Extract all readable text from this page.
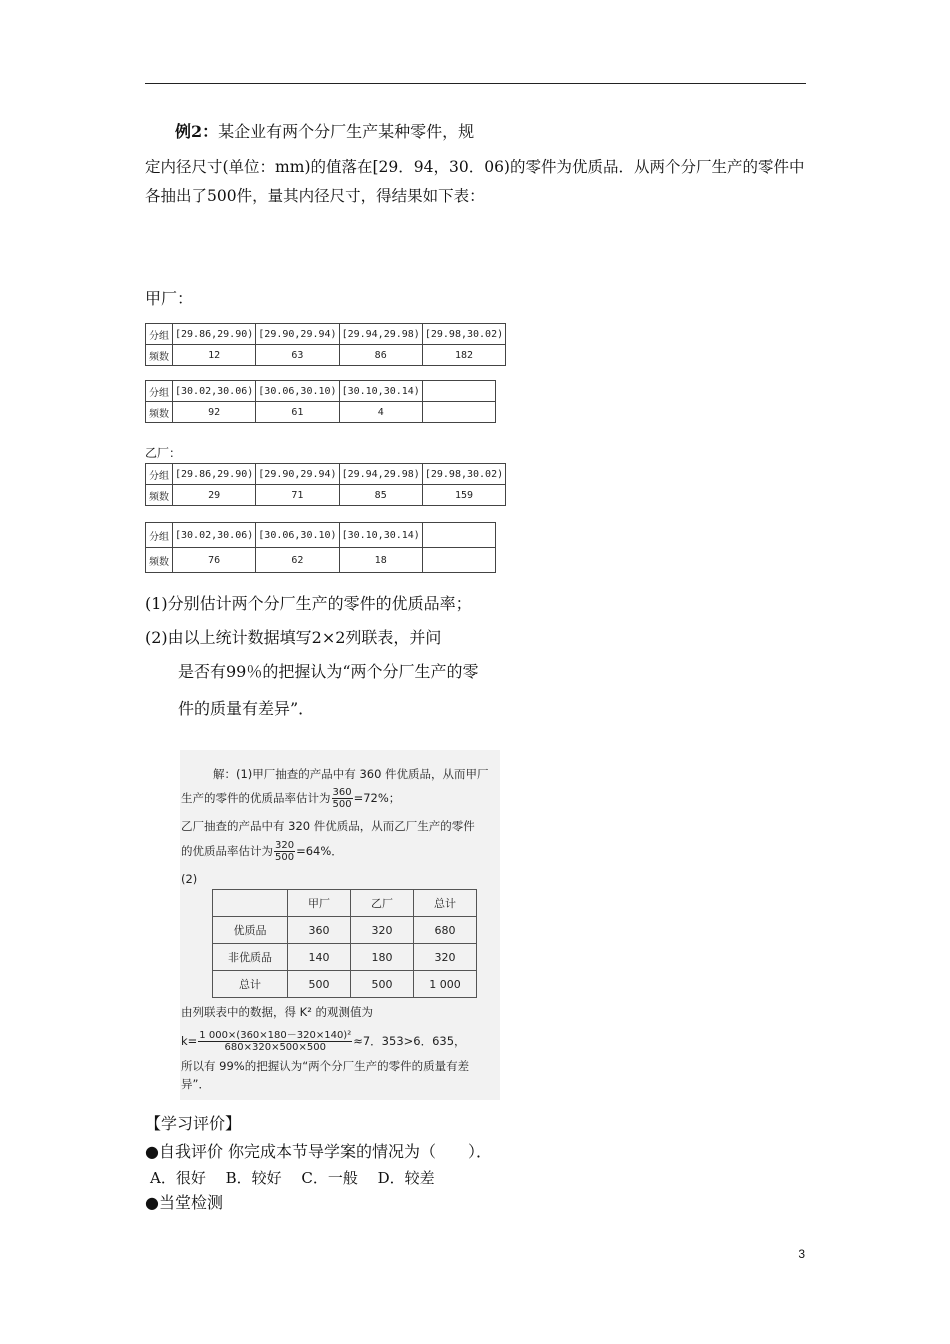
例2：某企业有两个分厂生产某种零件，规
定内径尺寸(单位：mm)的值落在[29．94，30．06)的零件为优质品．从两个分厂生产的零件中
各抽出了500件，量其内径尺寸，得结果如下表：
甲厂：
分组	[29.86,29.90)	[29.90,29.94)	[29.94,29.98)	[29.98,30.02)
频数	12	63	86	182
分组	[30.02,30.06)	[30.06,30.10)	[30.10,30.14)	
频数	92	61	4	
乙厂：
分组	[29.86,29.90)	[29.90,29.94)	[29.94,29.98)	[29.98,30.02)
频数	29	71	85	159
分组	[30.02,30.06)	[30.06,30.10)	[30.10,30.14)	
频数	76	62	18	
(1)分别估计两个分厂生产的零件的优质品率；
(2)由以上统计数据填写2×2列联表，并问
是否有99％的把握认为“两个分厂生产的零
件的质量有差异”．
解：(1)甲厂抽查的产品中有 360 件优质品，从而甲厂
生产的零件的优质品率估计为 $\frac{360}{500} =72\%$；
乙厂抽查的产品中有 320 件优质品，从而乙厂生产的零件
的优质品率估计为 $\frac{320}{500} =64\%$．
(2)
	甲厂	乙厂	总计
优质品	360	320	680
非优质品	140	180	320
总计	500	500	1 000
由列联表中的数据，得 K² 的观测值为
$k= \frac{\text{1 000×(360×180－320×140)²}}{680\times 320\times 500\times 500} \approx 7$．353>6．635，
所以有 99%的把握认为“两个分厂生产的零件的质量有差
异”．
【学习评价】
●自我评价 你完成本节导学案的情况为（　　）．
A．很好　 B．较好　 C．一般　 D．较差
●当堂检测
3
